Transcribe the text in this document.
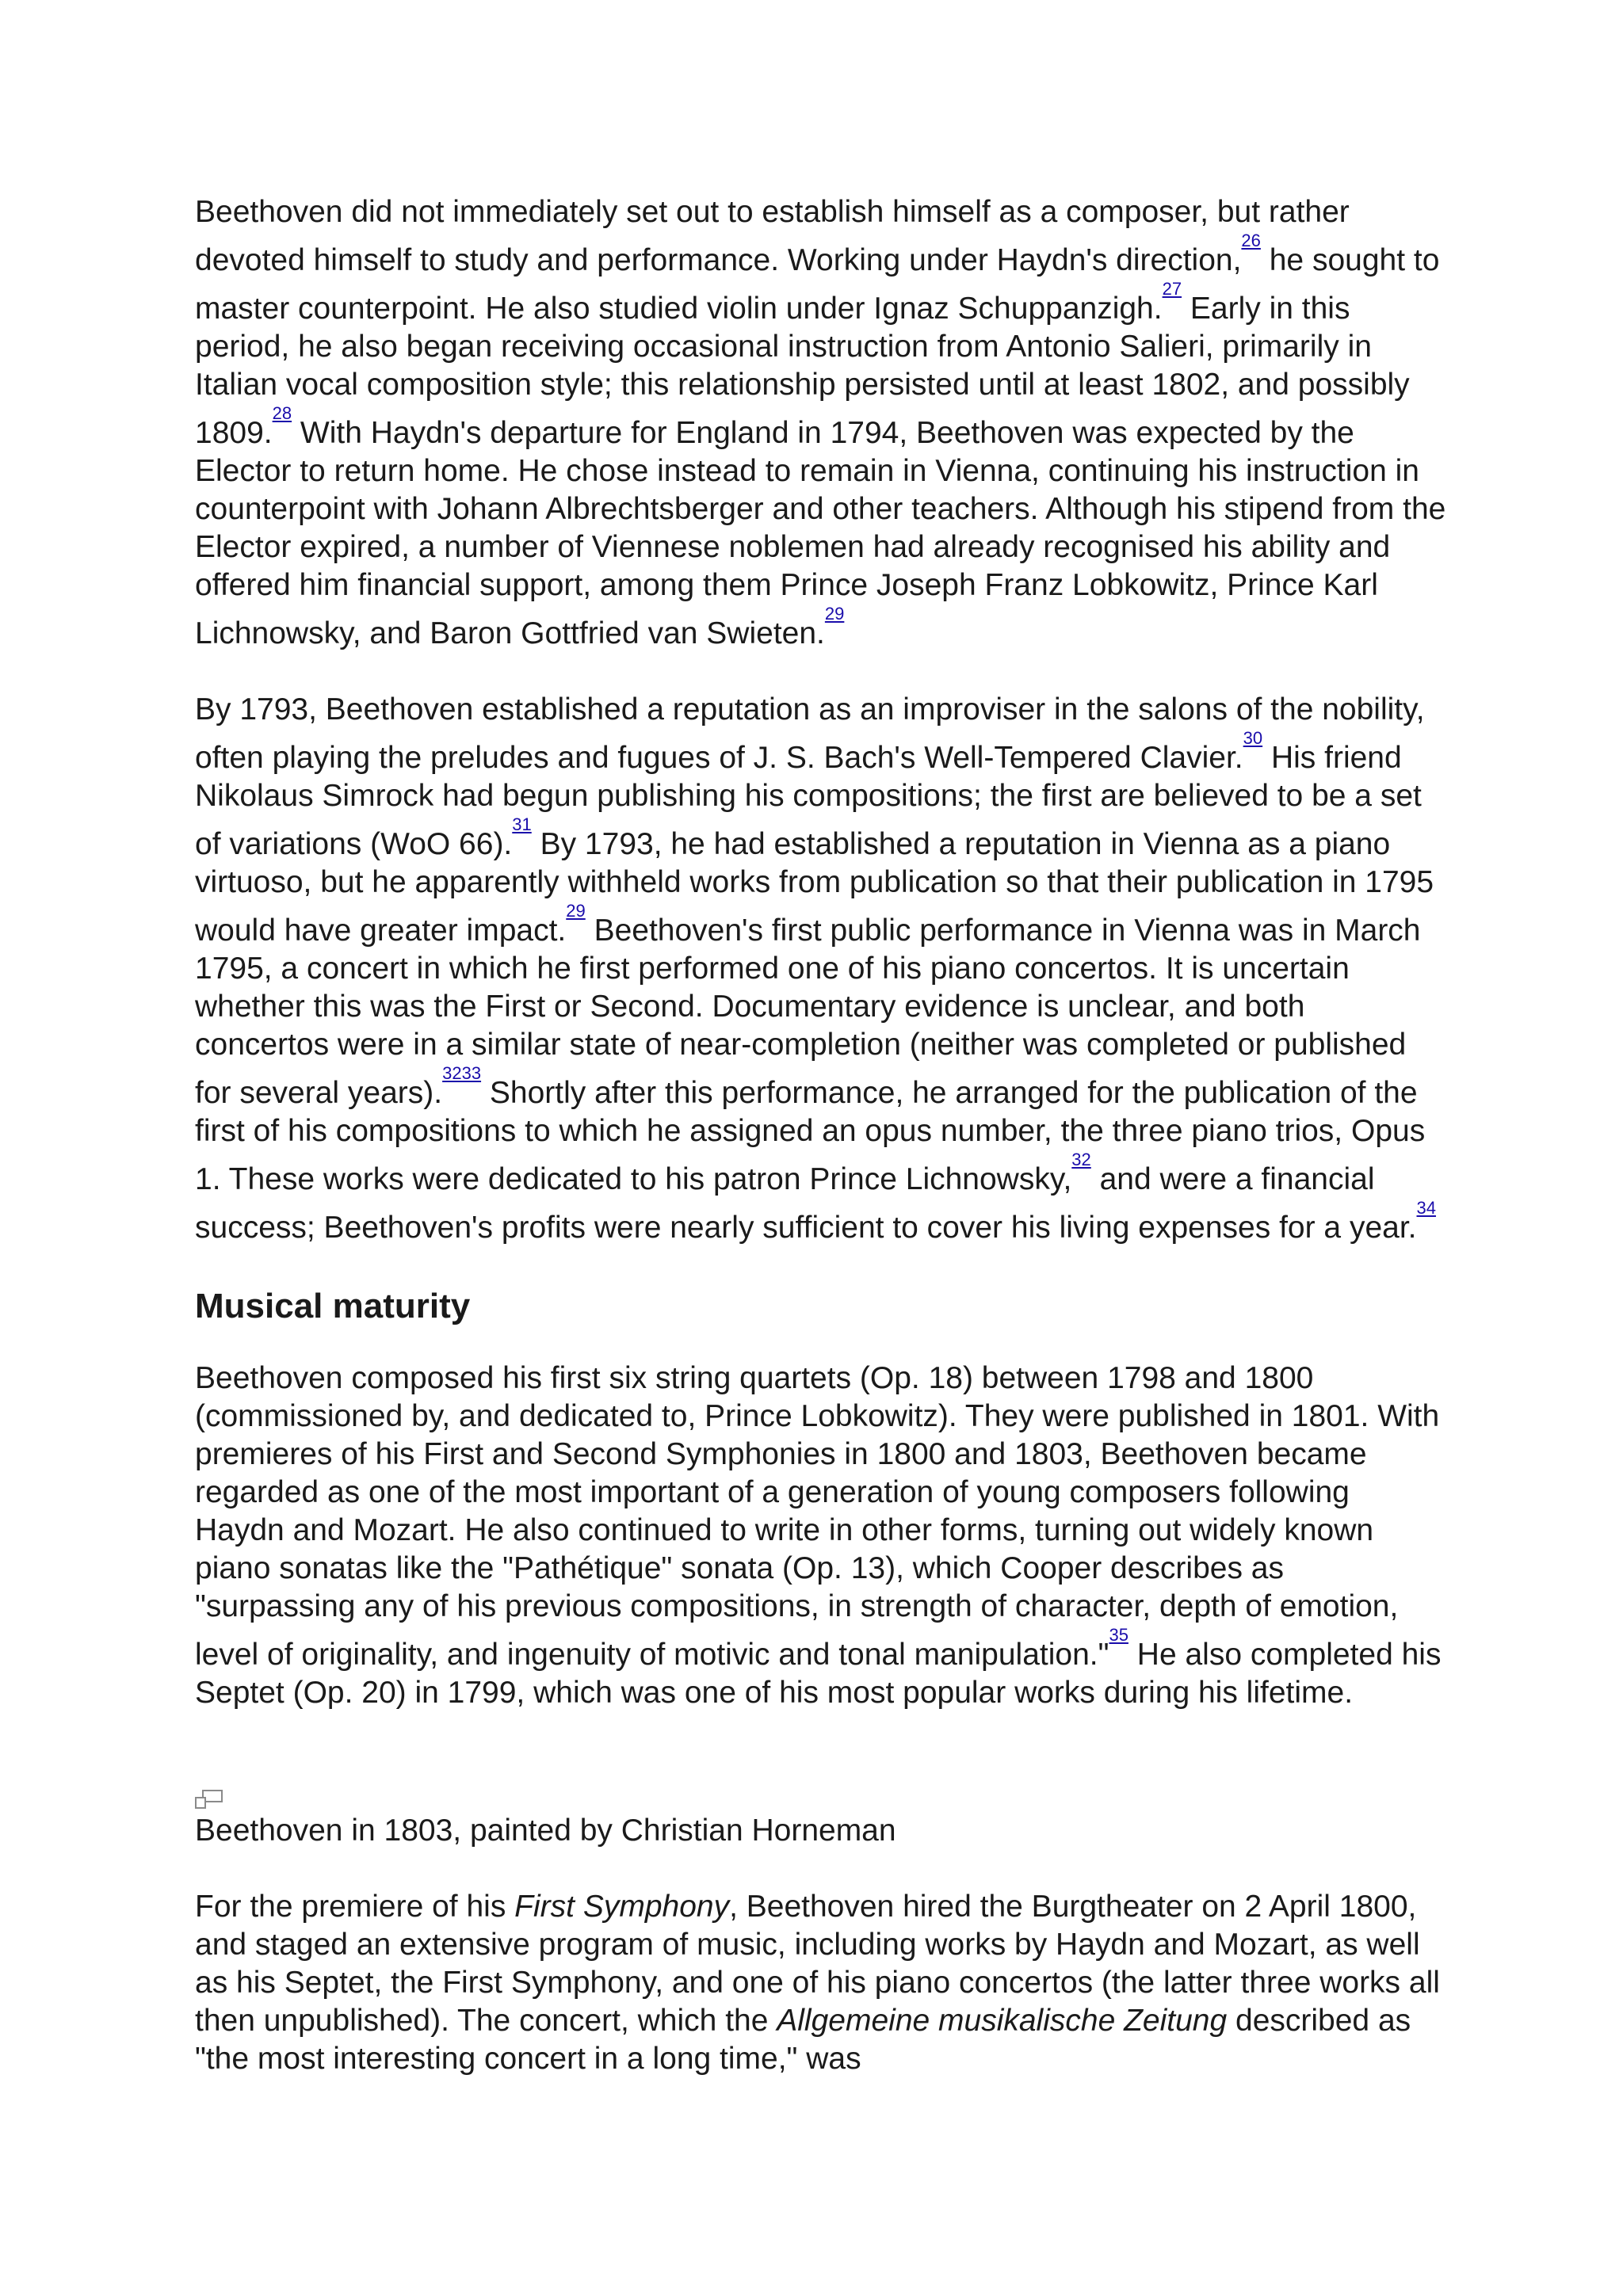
Beethoven did not immediately set out to establish himself as a composer, but rather devoted himself to study and performance. Working under Haydn's direction,$^{^{26}}$ he sought to master counterpoint. He also studied violin under Ignaz Schuppanzigh.$^{^{27}}$ Early in this period, he also began receiving occasional instruction from Antonio Salieri, primarily in Italian vocal composition style; this relationship persisted until at least 1802, and possibly 1809.28 With Haydn's departure for England in 1794, Beethoven was expected by the Elector to return home. He chose instead to remain in Vienna, continuing his instruction in counterpoint with Johann Albrechtsberger and other teachers. Although his stipend from the Elector expired, a number of Viennese noblemen had already recognised his ability and offered him financial support, among them Prince Joseph Franz Lobkowitz, Prince Karl Lichnowsky, and Baron Gottfried van Swieten.$^{^{29}}$

By 1793, Beethoven established a reputation as an improviser in the salons of the nobility, often playing the preludes and fugues of J. S. Bach's Well-Tempered Clavier.$^{^{30}}$ His friend Nikolaus Simrock had begun publishing his compositions; the first are believed to be a set of variations (WoO 66).$^{^{31}}$ By 1793, he had established a reputation in Vienna as a piano virtuoso, but he apparently withheld works from publication so that their publication in 1795 would have greater impact.$^{^{29}}$ Beethoven's first public performance in Vienna was in March 1795, a concert in which he first performed one of his piano concertos. It is uncertain whether this was the First or Second. Documentary evidence is unclear, and both concertos were in a similar state of near-completion (neither was completed or published for several years).$^{^{3233}}$ Shortly after this performance, he arranged for the publication of the first of his compositions to which he assigned an opus number, the three piano trios, Opus 1. These works were dedicated to his patron Prince Lichnowsky,$^{^{32}}$ and were a financial success; Beethoven's profits were nearly sufficient to cover his living expenses for a year.$^{^{34}}$

Musical maturity

Beethoven composed his first six string quartets (Op. 18) between 1798 and 1800 (commissioned by, and dedicated to, Prince Lobkowitz). They were published in 1801. With premieres of his First and Second Symphonies in 1800 and 1803, Beethoven became regarded as one of the most important of a generation of young composers following Haydn and Mozart. He also continued to write in other forms, turning out widely known piano sonatas like the "Pathétique" sonata (Op. 13), which Cooper describes as "surpassing any of his previous compositions, in strength of character, depth of emotion, level of originality, and ingenuity of motivic and tonal manipulation."$^{^{35}}$ He also completed his Septet (Op. 20) in 1799, which was one of his most popular works during his lifetime.

Beethoven in 1803, painted by Christian Horneman

For the premiere of his First Symphony, Beethoven hired the Burgtheater on 2 April 1800, and staged an extensive program of music, including works by Haydn and Mozart, as well as his Septet, the First Symphony, and one of his piano concertos (the latter three works all then unpublished). The concert, which the Allgemeine musikalische Zeitung described as "the most interesting concert in a long time," was
